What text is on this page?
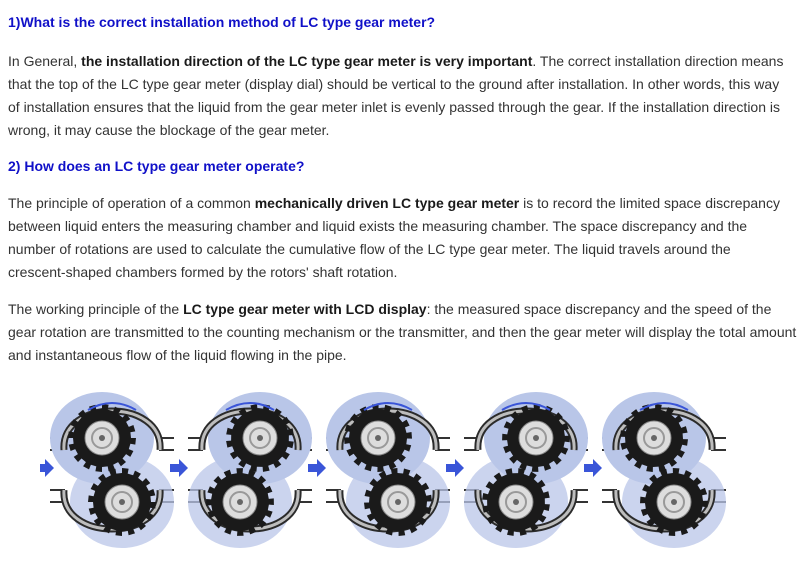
1)What is the correct installation method of LC type gear meter?

In General, the installation direction of the LC type gear meter is very important. The correct installation direction means that the top of the LC type gear meter (display dial) should be vertical to the ground after installation. In other words, this way of installation ensures that the liquid from the gear meter inlet is evenly passed through the gear. If the installation direction is wrong, it may cause the blockage of the gear meter.

2) How does an LC type gear meter operate?

The principle of operation of a common mechanically driven LC type gear meter is to record the limited space discrepancy between liquid enters the measuring chamber and liquid exists the measuring chamber. The space discrepancy and the number of rotations are used to calculate the cumulative flow of the LC type gear meter. The liquid travels around the crescent-shaped chambers formed by the rotors' shaft rotation.

The working principle of the LC type gear meter with LCD display: the measured space discrepancy and the speed of the gear rotation are transmitted to the counting mechanism or the transmitter, and then the gear meter will display the total amount and instantaneous flow of the liquid flowing in the pipe.
